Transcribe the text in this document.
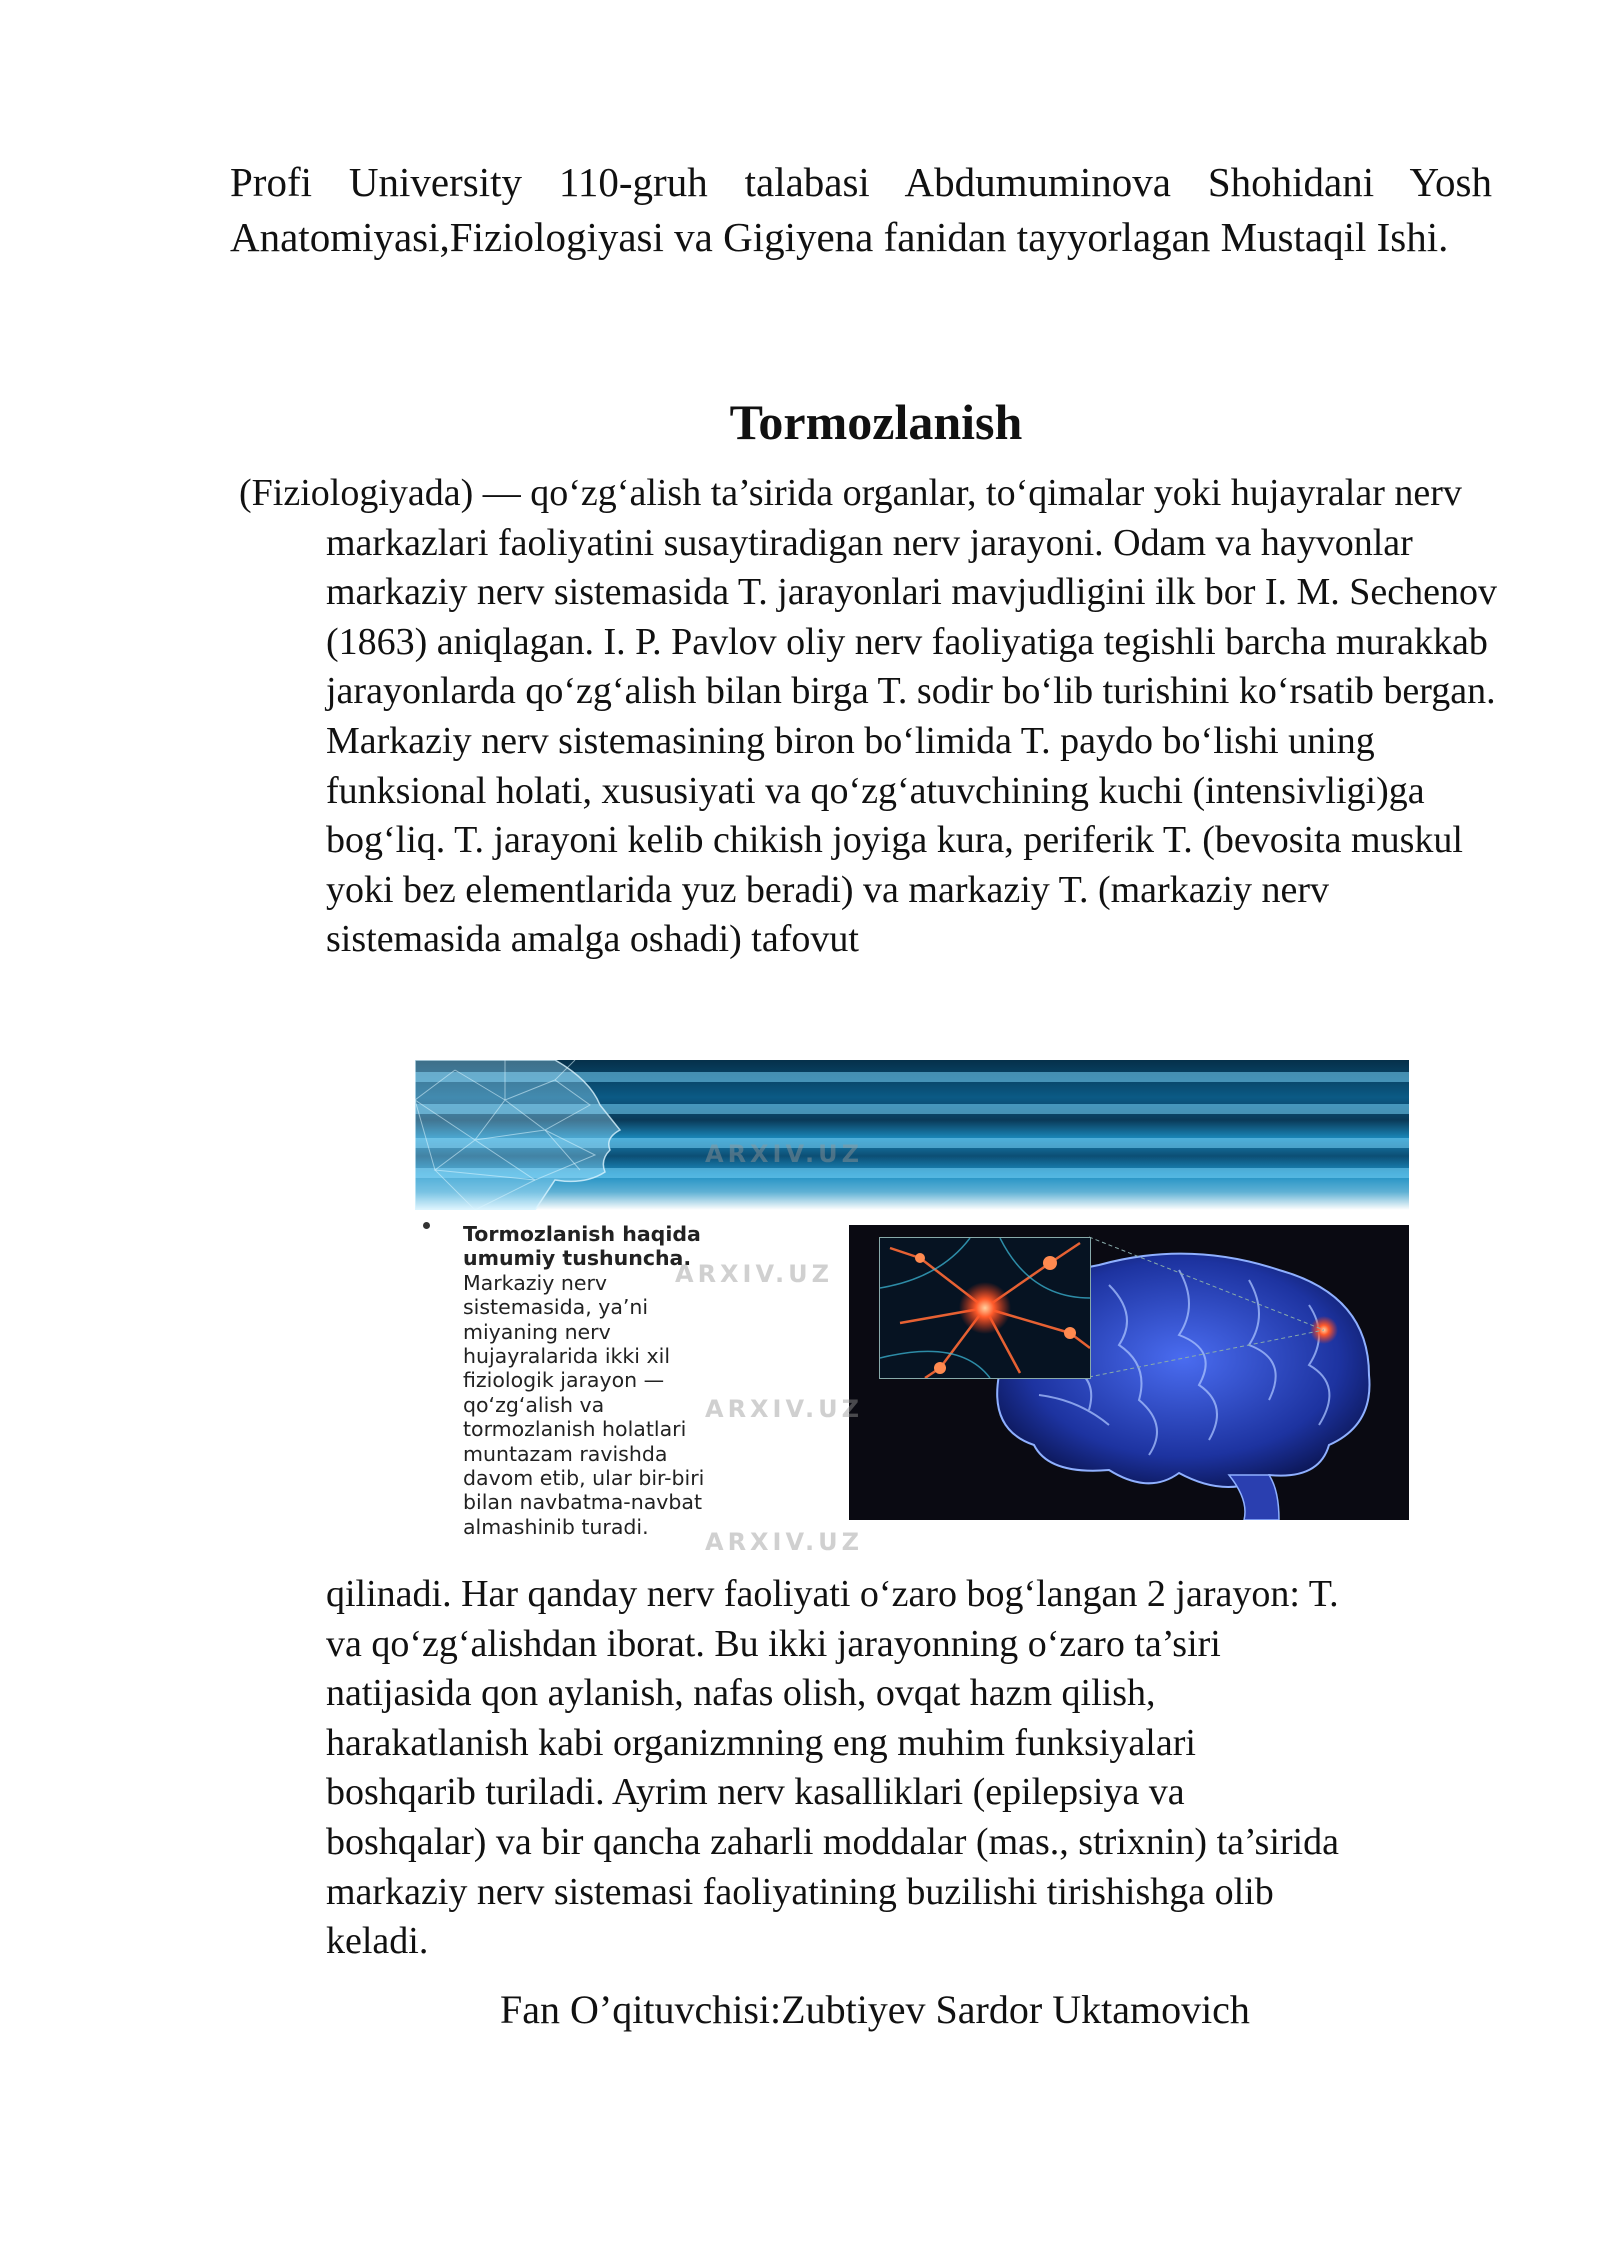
Profi University 110-gruh talabasi Abdumuminova Shohidani Yosh Anatomiyasi,Fiziologiyasi va Gigiyena fanidan tayyorlagan Mustaqil Ishi.

Tormozlanish

(Fiziologiyada) — qo‘zg‘alish ta’sirida organlar, to‘qimalar yoki hujayralar nerv markazlari faoliyatini susaytiradigan nerv jarayoni. Odam va hayvonlar markaziy nerv sistemasida T. jarayonlari mavjudligini ilk bor I. M. Sechenov (1863) aniqlagan. I. P. Pavlov oliy nerv faoliyatiga tegishli barcha murakkab jarayonlarda qo‘zg‘alish bilan birga T. sodir bo‘lib turishini ko‘rsatib bergan. Markaziy nerv sistemasining biron bo‘limida T. paydo bo‘lishi uning funksional holati, xususiyati va qo‘zg‘atuvchining kuchi (intensivligi)ga bog‘liq. T. jarayoni kelib chikish joyiga kura, periferik T. (bevosita muskul yoki bez elementlarida yuz beradi) va markaziy T. (markaziy nerv sistemasida amalga oshadi) tafovut

Tormozlanish haqida
umumiy tushuncha.
Markaziy nerv
sistemasida, ya’ni
miyaning nerv
hujayralarida ikki xil
fiziologik jarayon —
qo‘zg‘alish va
tormozlanish holatlari
muntazam ravishda
davom etib, ular bir-biri
bilan navbatma-navbat
almashinib turadi.
ARXIV.UZ
ARXIV.UZ
ARXIV.UZ
ARXIV.UZ

qilinadi. Har qanday nerv faoliyati o‘zaro bog‘langan 2 jarayon: T.
va qo‘zg‘alishdan iborat. Bu ikki jarayonning o‘zaro ta’siri
natijasida qon aylanish, nafas olish, ovqat hazm qilish,
harakatlanish kabi organizmning eng muhim funksiyalari
boshqarib turiladi. Ayrim nerv kasalliklari (epilepsiya va
boshqalar) va bir qancha zaharli moddalar (mas., strixnin) ta’sirida
markaziy nerv sistemasi faoliyatining buzilishi tirishishga olib
keladi.

Fan O’qituvchisi:Zubtiyev Sardor Uktamovich
